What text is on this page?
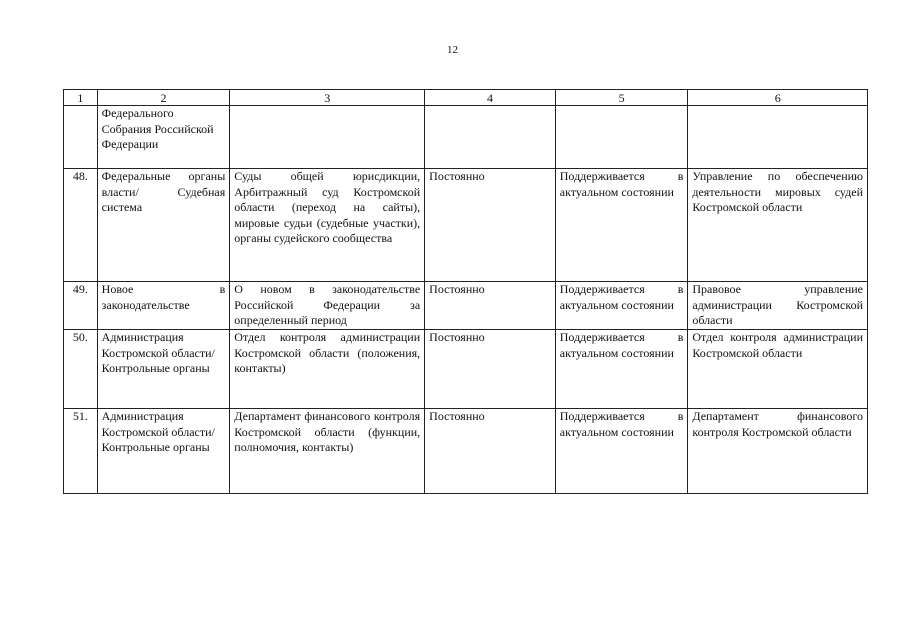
12
1	2	3	4	5	6
	Федерального Собрания Российской Федерации				
48.	Федеральные органы власти/ Судебная система	Суды общей юрисдикции, Арбитражный суд Костромской области (переход на сайты), мировые судьи (судебные участки), органы судейского сообщества	Постоянно	Поддерживается в актуальном состоянии	Управление по обеспечению деятельности мировых судей Костромской области
49.	Новое в законодательстве	О новом в законодательстве Российской Федерации за определенный период	Постоянно	Поддерживается в актуальном состоянии	Правовое управление администрации Костромской области
50.	Администрация Костромской области/ Контрольные органы	Отдел контроля администрации Костромской области (положения, контакты)	Постоянно	Поддерживается в актуальном состоянии	Отдел контроля администрации Костромской области
51.	Администрация Костромской области/ Контрольные органы	Департамент финансового контроля Костромской области (функции, полномочия, контакты)	Постоянно	Поддерживается в актуальном состоянии	Департамент финансового контроля Костромской области
